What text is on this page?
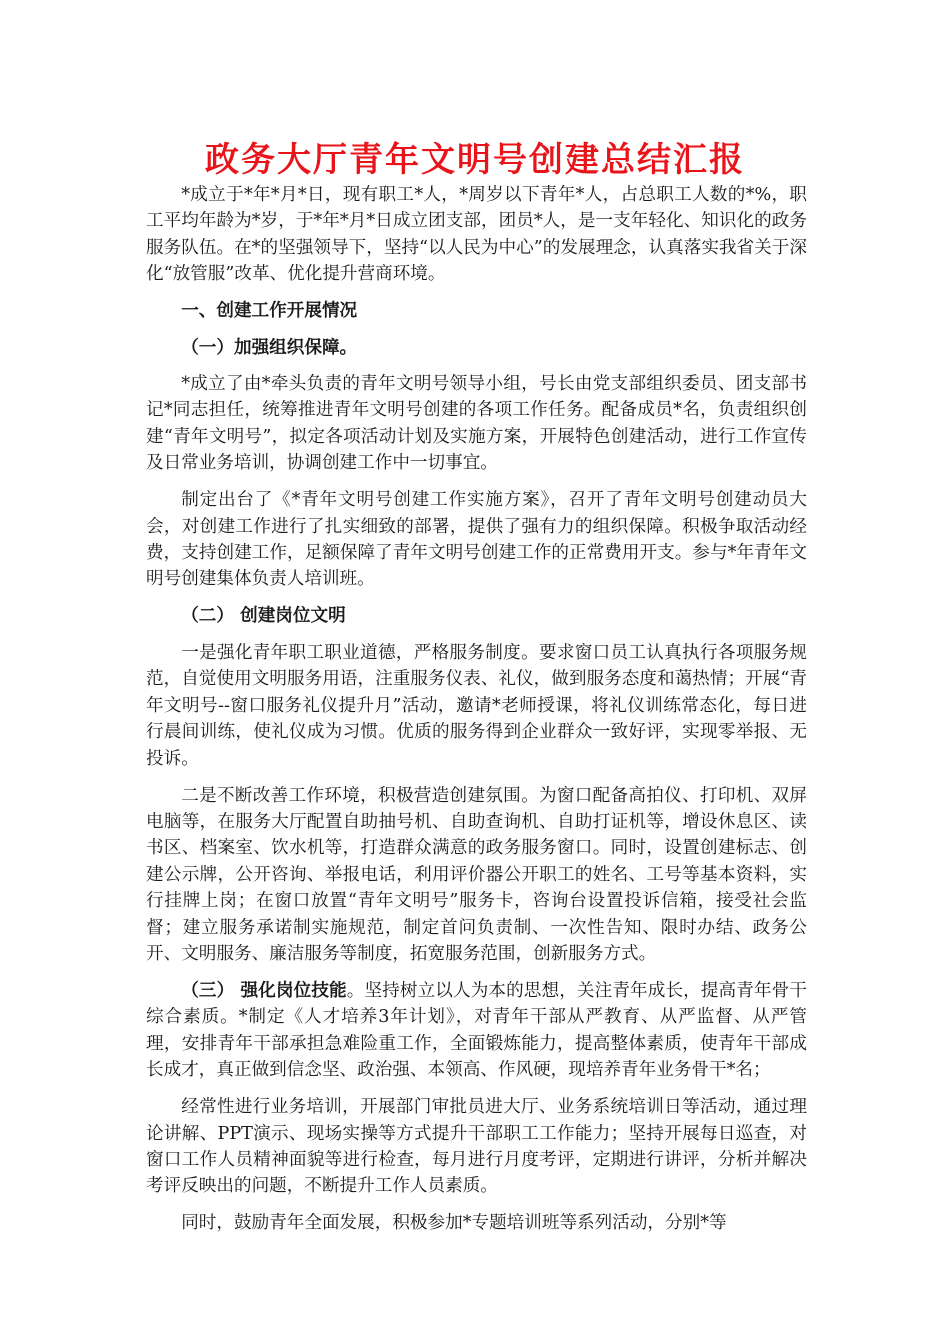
政务大厅青年文明号创建总结汇报

*成立于*年*月*日，现有职工*人，*周岁以下青年*人，占总职工人数的*%，职工平均年龄为*岁，于*年*月*日成立团支部，团员*人，是一支年轻化、知识化的政务服务队伍。在*的坚强领导下，坚持“以人民为中心”的发展理念，认真落实我省关于深化“放管服”改革、优化提升营商环境。

一、创建工作开展情况

（一）加强组织保障。

*成立了由*牵头负责的青年文明号领导小组，号长由党支部组织委员、团支部书记*同志担任，统筹推进青年文明号创建的各项工作任务。配备成员*名，负责组织创建“青年文明号”，拟定各项活动计划及实施方案，开展特色创建活动，进行工作宣传及日常业务培训，协调创建工作中一切事宜。

制定出台了《*青年文明号创建工作实施方案》，召开了青年文明号创建动员大会，对创建工作进行了扎实细致的部署，提供了强有力的组织保障。积极争取活动经费，支持创建工作，足额保障了青年文明号创建工作的正常费用开支。参与*年青年文明号创建集体负责人培训班。

（二） 创建岗位文明

一是强化青年职工职业道德，严格服务制度。要求窗口员工认真执行各项服务规范，自觉使用文明服务用语，注重服务仪表、礼仪，做到服务态度和蔼热情；开展“青年文明号--窗口服务礼仪提升月”活动，邀请*老师授课，将礼仪训练常态化，每日进行晨间训练，使礼仪成为习惯。优质的服务得到企业群众一致好评，实现零举报、无投诉。

二是不断改善工作环境，积极营造创建氛围。为窗口配备高拍仪、打印机、双屏电脑等，在服务大厅配置自助抽号机、自助查询机、自助打证机等，增设休息区、读书区、档案室、饮水机等，打造群众满意的政务服务窗口。同时，设置创建标志、创建公示牌，公开咨询、举报电话，利用评价器公开职工的姓名、工号等基本资料，实行挂牌上岗；在窗口放置“青年文明号”服务卡，咨询台设置投诉信箱，接受社会监督；建立服务承诺制实施规范，制定首问负责制、一次性告知、限时办结、政务公开、文明服务、廉洁服务等制度，拓宽服务范围，创新服务方式。

（三） 强化岗位技能。坚持树立以人为本的思想，关注青年成长，提高青年骨干综合素质。*制定《人才培养3年计划》，对青年干部从严教育、从严监督、从严管理，安排青年干部承担急难险重工作，全面锻炼能力，提高整体素质，使青年干部成长成才，真正做到信念坚、政治强、本领高、作风硬，现培养青年业务骨干*名；

经常性进行业务培训，开展部门审批员进大厅、业务系统培训日等活动，通过理论讲解、PPT演示、现场实操等方式提升干部职工工作能力；坚持开展每日巡查，对窗口工作人员精神面貌等进行检查，每月进行月度考评，定期进行讲评，分析并解决考评反映出的问题，不断提升工作人员素质。

同时，鼓励青年全面发展，积极参加*专题培训班等系列活动，分别*等
